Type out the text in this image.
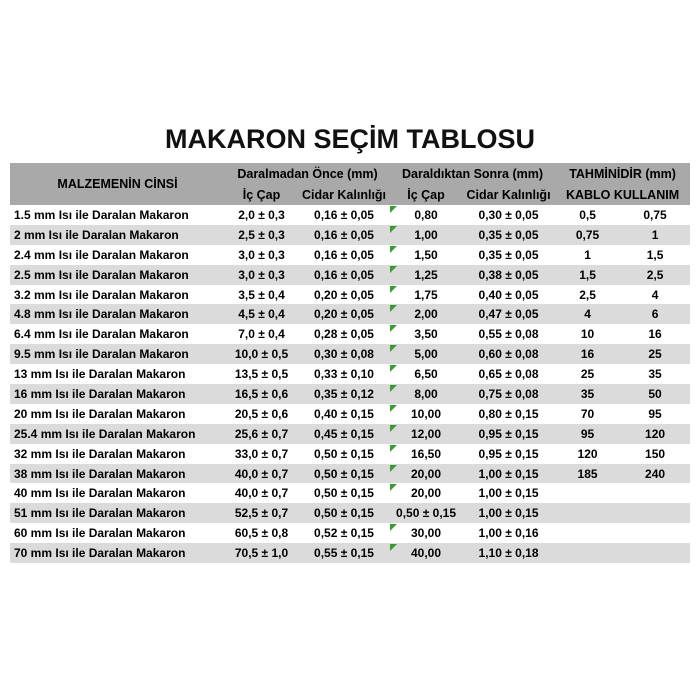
MAKARON SEÇİM TABLOSU
MALZEMENİN CİNSİ	Daralmadan Önce (mm)		Daraldıktan Sonra (mm)		TAHMİNİDİR (mm)	
	İç Çap	Cidar Kalınlığı	İç Çap	Cidar Kalınlığı	KABLO KULLANIM	
1.5 mm Isı ile Daralan Makaron	2,0 ± 0,3	0,16 ± 0,05	0,80	0,30 ± 0,05	0,5	0,75
2 mm Isı ile Daralan Makaron	2,5 ± 0,3	0,16 ± 0,05	1,00	0,35 ± 0,05	0,75	1
2.4 mm Isı ile Daralan Makaron	3,0 ± 0,3	0,16 ± 0,05	1,50	0,35 ± 0,05	1	1,5
2.5 mm Isı ile Daralan Makaron	3,0 ± 0,3	0,16 ± 0,05	1,25	0,38 ± 0,05	1,5	2,5
3.2 mm Isı ile Daralan Makaron	3,5 ± 0,4	0,20 ± 0,05	1,75	0,40 ± 0,05	2,5	4
4.8 mm Isı ile Daralan Makaron	4,5 ± 0,4	0,20 ± 0,05	2,00	0,47 ± 0,05	4	6
6.4 mm Isı ile Daralan Makaron	7,0 ± 0,4	0,28 ± 0,05	3,50	0,55 ± 0,08	10	16
9.5 mm Isı ile Daralan Makaron	10,0 ± 0,5	0,30 ± 0,08	5,00	0,60 ± 0,08	16	25
13 mm Isı ile Daralan Makaron	13,5 ± 0,5	0,33 ± 0,10	6,50	0,65 ± 0,08	25	35
16 mm Isı ile Daralan Makaron	16,5 ± 0,6	0,35 ± 0,12	8,00	0,75 ± 0,08	35	50
20 mm Isı ile Daralan Makaron	20,5 ± 0,6	0,40 ± 0,15	10,00	0,80 ± 0,15	70	95
25.4 mm Isı ile Daralan Makaron	25,6 ± 0,7	0,45 ± 0,15	12,00	0,95 ± 0,15	95	120
32 mm Isı ile Daralan Makaron	33,0 ± 0,7	0,50 ± 0,15	16,50	0,95 ± 0,15	120	150
38 mm Isı ile Daralan Makaron	40,0 ± 0,7	0,50 ± 0,15	20,00	1,00 ± 0,15	185	240
40 mm Isı ile Daralan Makaron	40,0 ± 0,7	0,50 ± 0,15	20,00	1,00 ± 0,15		
51 mm Isı ile Daralan Makaron	52,5 ± 0,7	0,50 ± 0,15	0,50 ± 0,15	1,00 ± 0,15		
60 mm Isı ile Daralan Makaron	60,5 ± 0,8	0,52 ± 0,15	30,00	1,00 ± 0,16		
70 mm Isı ile Daralan Makaron	70,5 ± 1,0	0,55 ± 0,15	40,00	1,10 ± 0,18		
